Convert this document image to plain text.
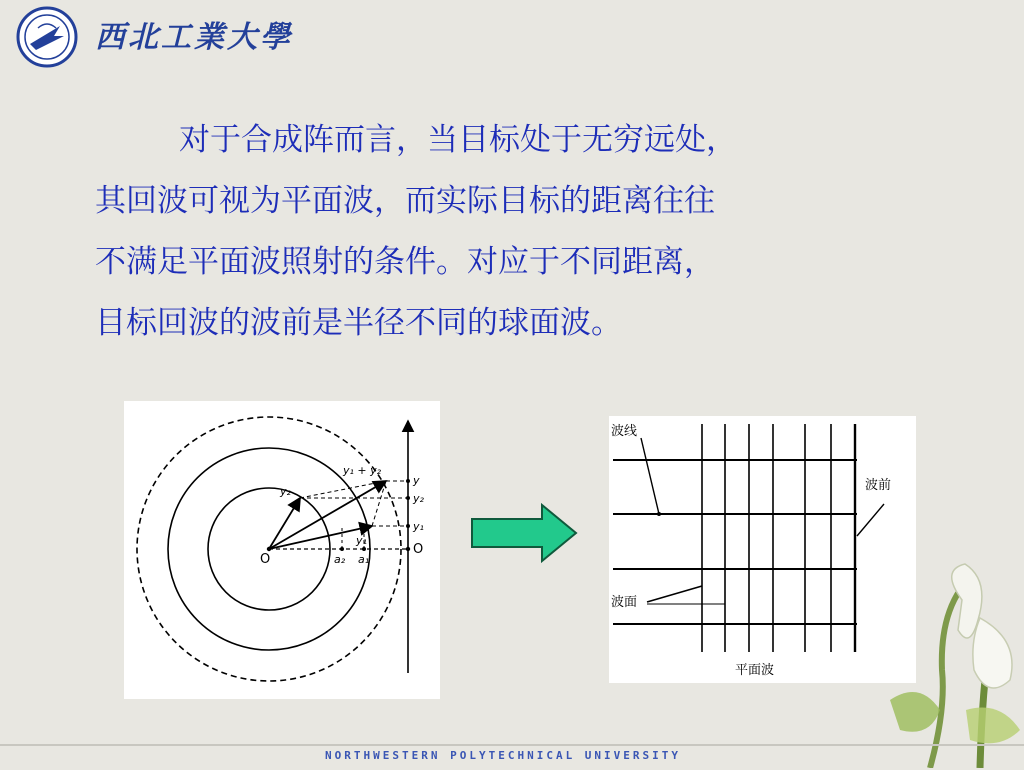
西北工業大學

对于合成阵而言，当目标处于无穷远处，

其回波可视为平面波，而实际目标的距离往往

不满足平面波照射的条件。对应于不同距离，

目标回波的波前是半径不同的球面波。

O
O
y₁ + y₂
y₂
y₁
y
y₂
y₁
a₂ a₁
波线
波前
波面
平面波
NORTHWESTERN POLYTECHNICAL UNIVERSITY
